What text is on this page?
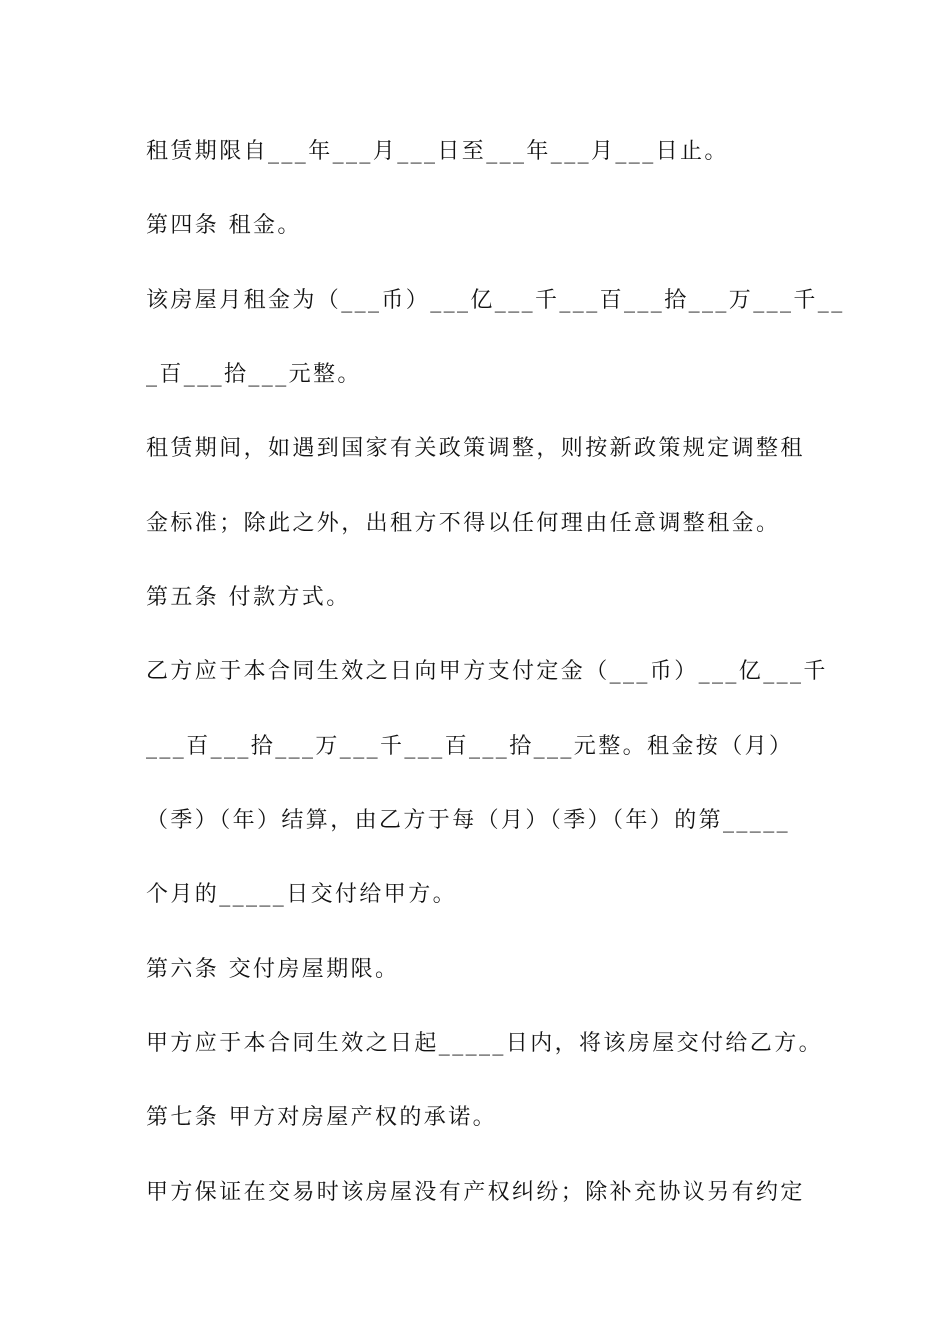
租赁期限自___年___月___日至___年___月___日止。
第四条 租金。
该房屋月租金为（___币）___亿___千___百___拾___万___千__
_百___拾___元整。
租赁期间，如遇到国家有关政策调整，则按新政策规定调整租
金标准；除此之外，出租方不得以任何理由任意调整租金。
第五条 付款方式。
乙方应于本合同生效之日向甲方支付定金（___币）___亿___千
___百___拾___万___千___百___拾___元整。租金按（月）
（季）（年）结算，由乙方于每（月）（季）（年）的第_____
个月的_____日交付给甲方。
第六条 交付房屋期限。
甲方应于本合同生效之日起_____日内，将该房屋交付给乙方。
第七条 甲方对房屋产权的承诺。
甲方保证在交易时该房屋没有产权纠纷；除补充协议另有约定
